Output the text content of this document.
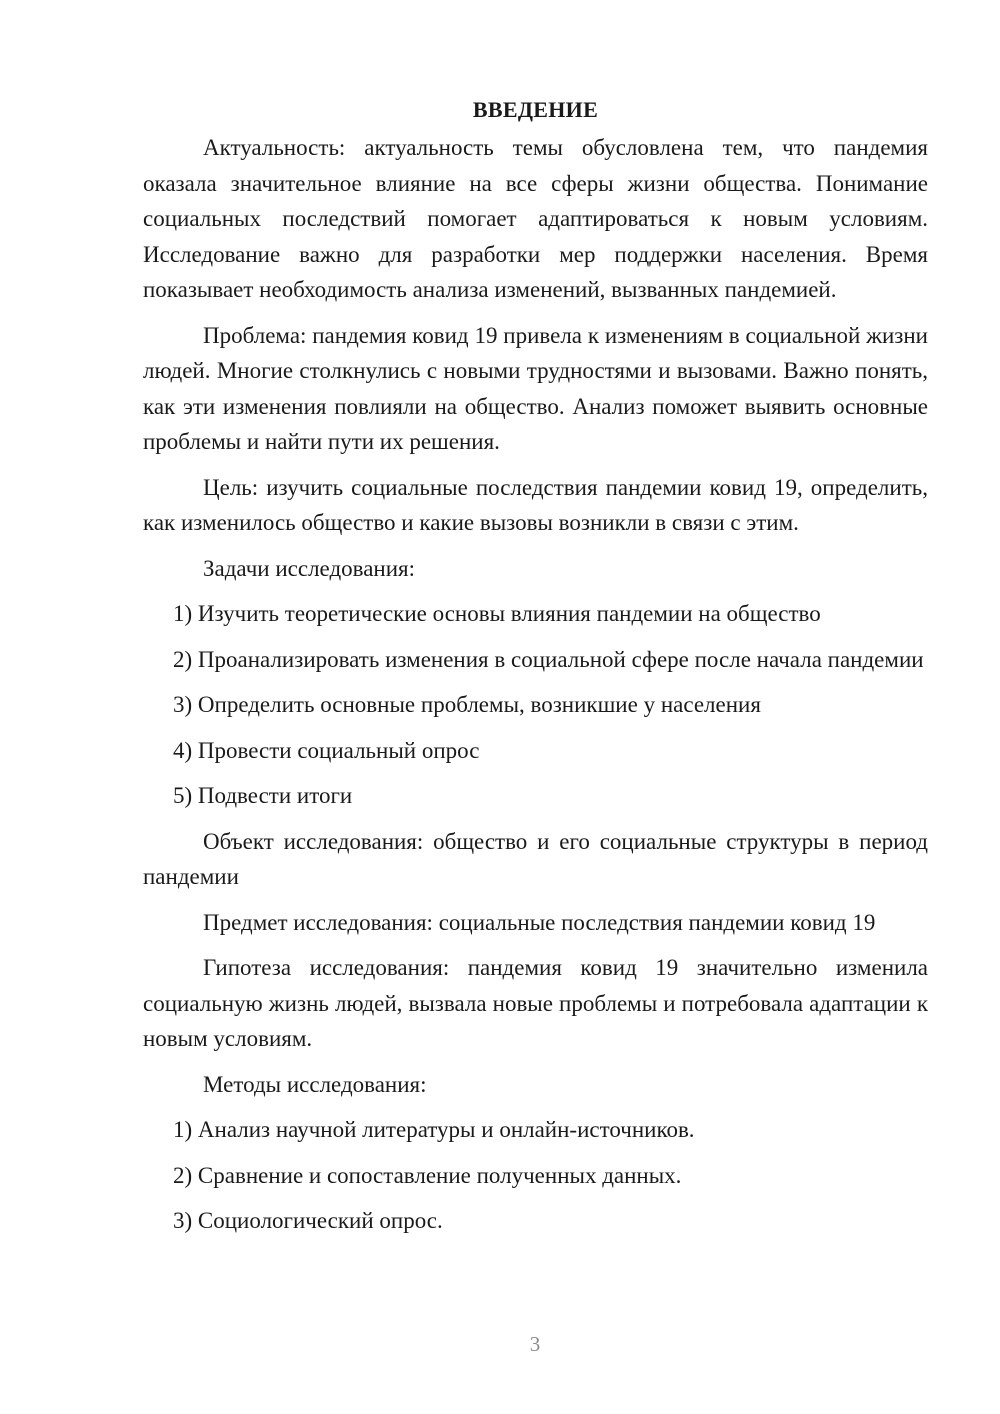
ВВЕДЕНИЕ

Актуальность: актуальность темы обусловлена тем, что пандемия оказала значительное влияние на все сферы жизни общества. Понимание социальных последствий помогает адаптироваться к новым условиям. Исследование важно для разработки мер поддержки населения. Время показывает необходимость анализа изменений, вызванных пандемией.

Проблема: пандемия ковид 19 привела к изменениям в социальной жизни людей. Многие столкнулись с новыми трудностями и вызовами. Важно понять, как эти изменения повлияли на общество. Анализ поможет выявить основные проблемы и найти пути их решения.

Цель: изучить социальные последствия пандемии ковид 19, определить, как изменилось общество и какие вызовы возникли в связи с этим.

Задачи исследования:

1) Изучить теоретические основы влияния пандемии на общество

2) Проанализировать изменения в социальной сфере после начала пандемии

3) Определить основные проблемы, возникшие у населения

4) Провести социальный опрос

5) Подвести итоги

Объект исследования: общество и его социальные структуры в период пандемии

Предмет исследования: социальные последствия пандемии ковид 19

Гипотеза исследования: пандемия ковид 19 значительно изменила социальную жизнь людей, вызвала новые проблемы и потребовала адаптации к новым условиям.

Методы исследования:

1) Анализ научной литературы и онлайн-источников.

2) Сравнение и сопоставление полученных данных.

3) Социологический опрос.

3
